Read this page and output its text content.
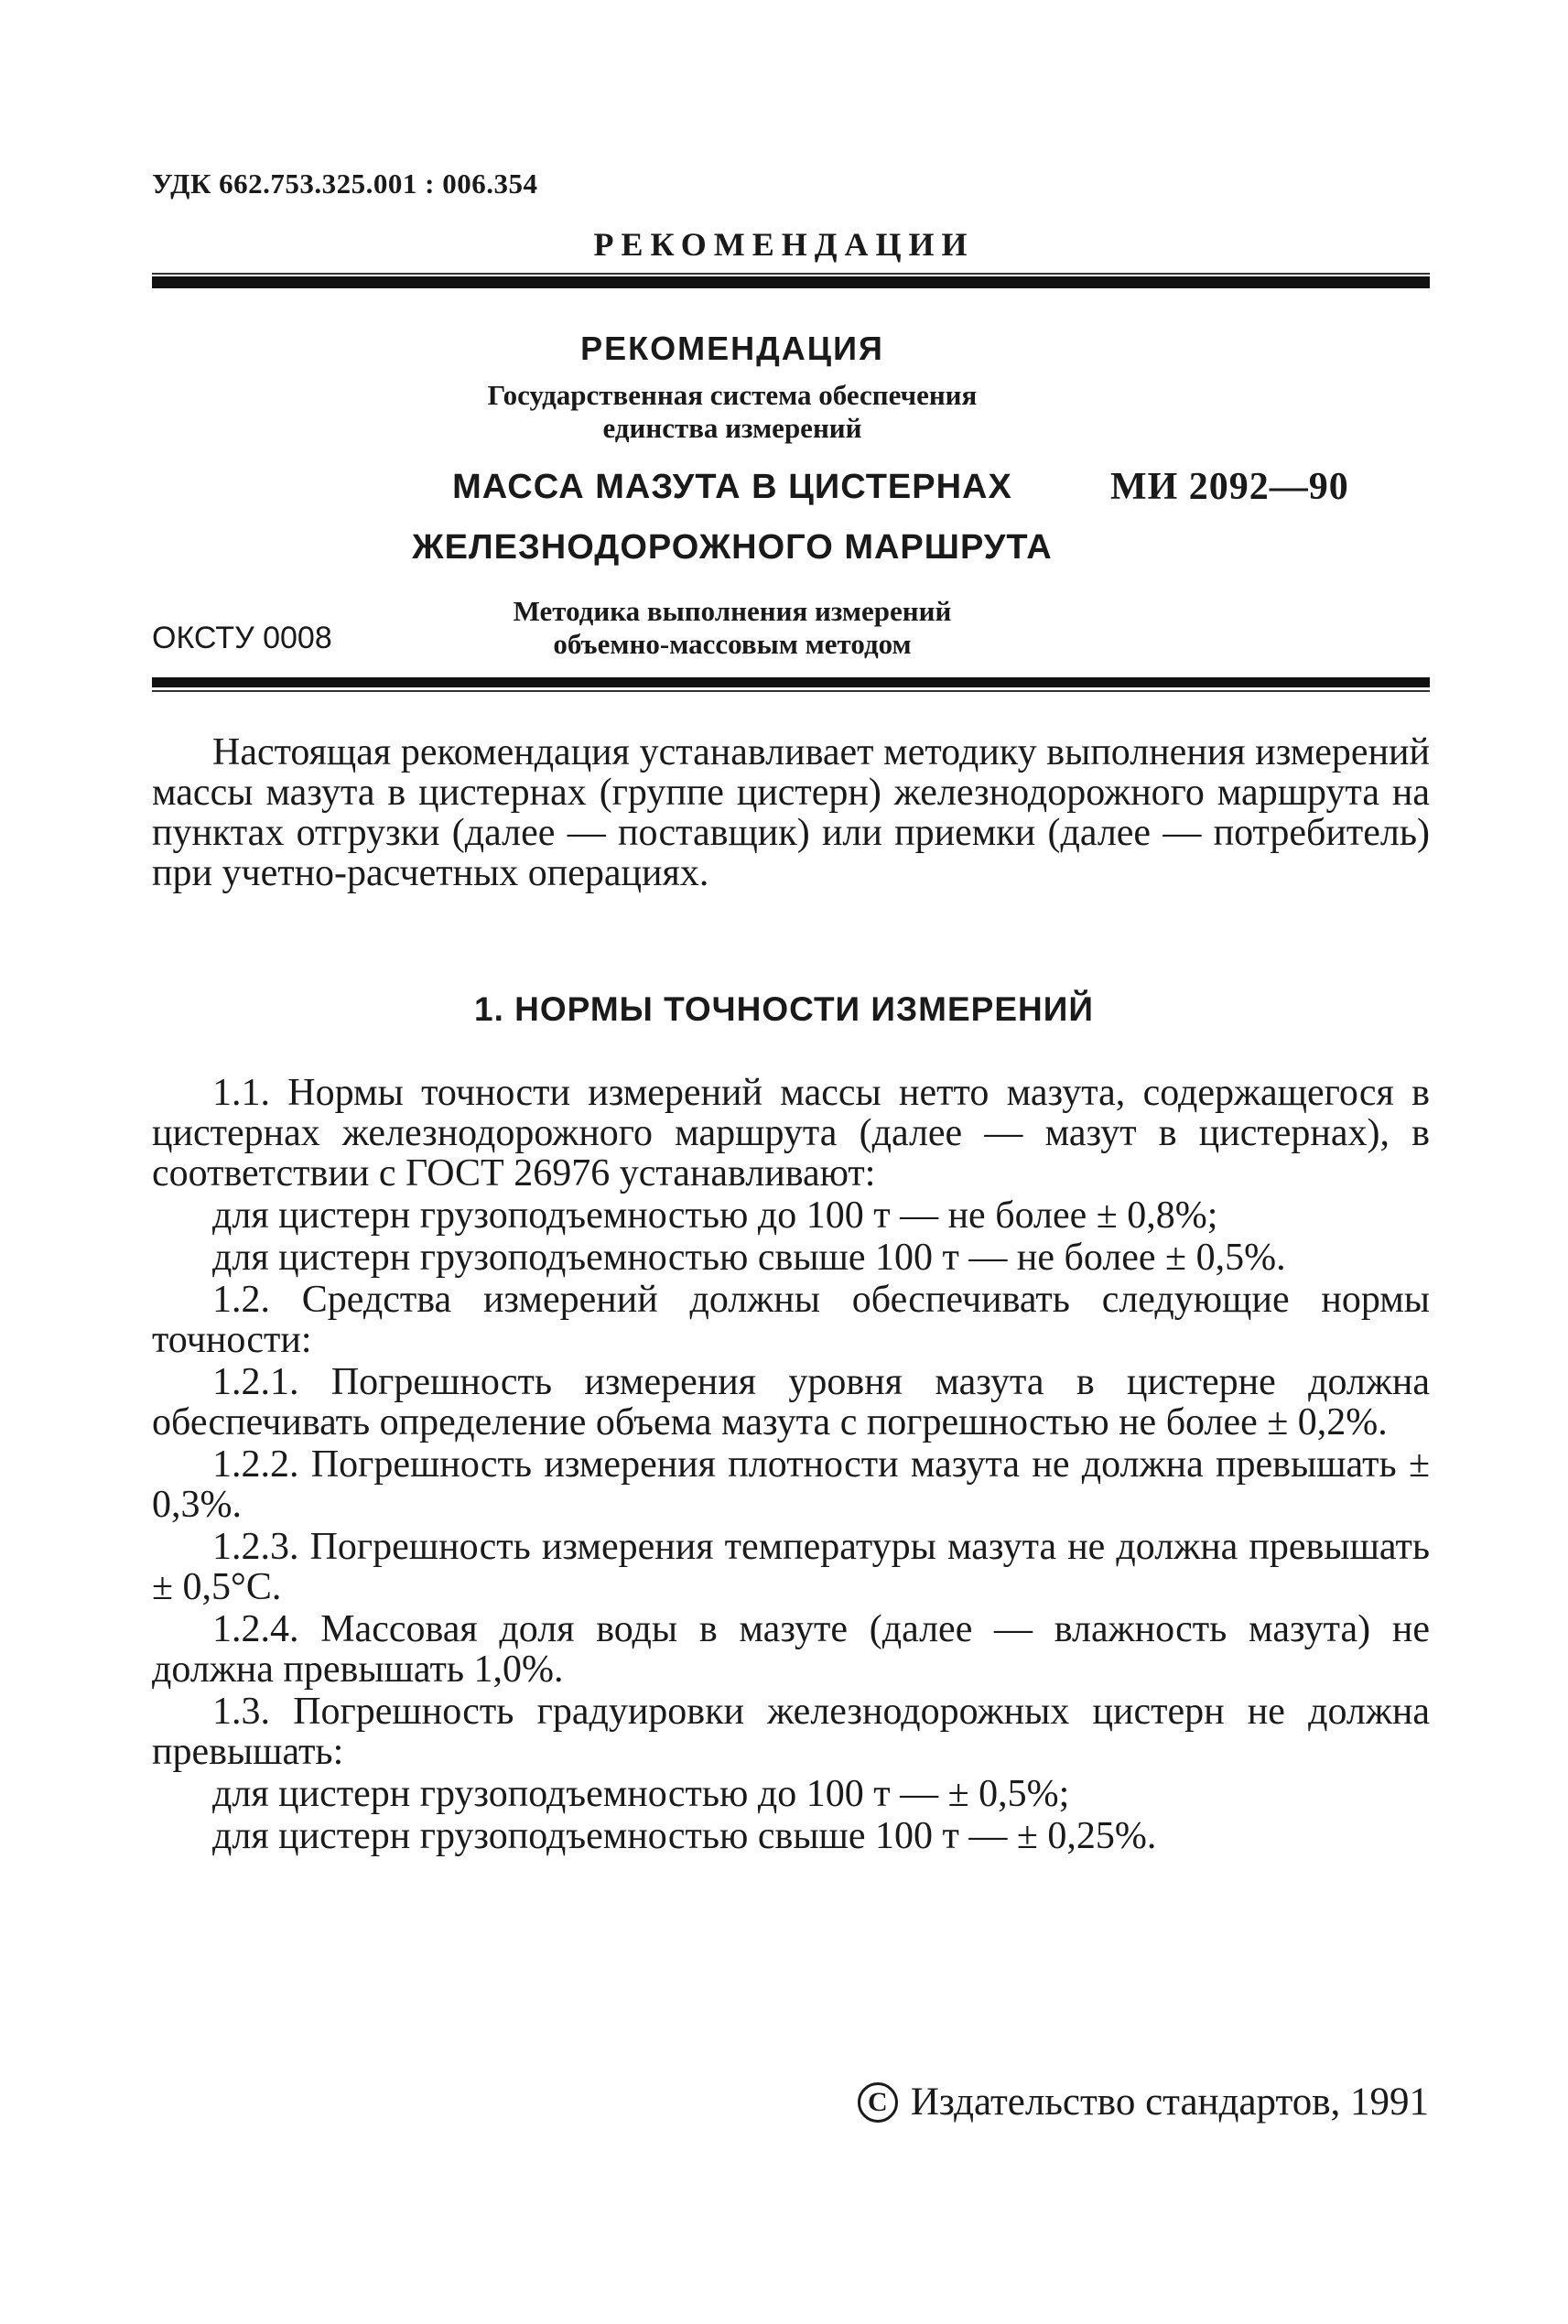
УДК 662.753.325.001 : 006.354
РЕКОМЕНДАЦИИ
РЕКОМЕНДАЦИЯ
Государственная система обеспечения
единства измерений
МАССА МАЗУТА В ЦИСТЕРНАХ
ЖЕЛЕЗНОДОРОЖНОГО МАРШРУТА
Методика выполнения измерений
объемно-массовым методом
МИ 2092—90
ОКСТУ 0008

Настоящая рекомендация устанавливает методику выполнения измерений массы мазута в цистернах (группе цистерн) железнодорожного маршрута на пунктах отгрузки (далее — поставщик) или приемки (далее — потребитель) при учетно-расчетных операциях.

1. НОРМЫ ТОЧНОСТИ ИЗМЕРЕНИЙ

1.1. Нормы точности измерений массы нетто мазута, содержащегося в цистернах железнодорожного маршрута (далее — мазут в цистернах), в соответствии с ГОСТ 26976 устанавливают:

для цистерн грузоподъемностью до 100 т — не более ± 0,8%;

для цистерн грузоподъемностью свыше 100 т — не более ± 0,5%.

1.2. Средства измерений должны обеспечивать следующие нормы точности:

1.2.1. Погрешность измерения уровня мазута в цистерне должна обеспечивать определение объема мазута с погрешностью не более ± 0,2%.

1.2.2. Погрешность измерения плотности мазута не должна превышать ± 0,3%.

1.2.3. Погрешность измерения температуры мазута не должна превышать ± 0,5°С.

1.2.4. Массовая доля воды в мазуте (далее — влажность мазута) не должна превышать 1,0%.

1.3. Погрешность градуировки железнодорожных цистерн не должна превышать:

для цистерн грузоподъемностью до 100 т — ± 0,5%;

для цистерн грузоподъемностью свыше 100 т — ± 0,25%.

С Издательство стандартов, 1991
